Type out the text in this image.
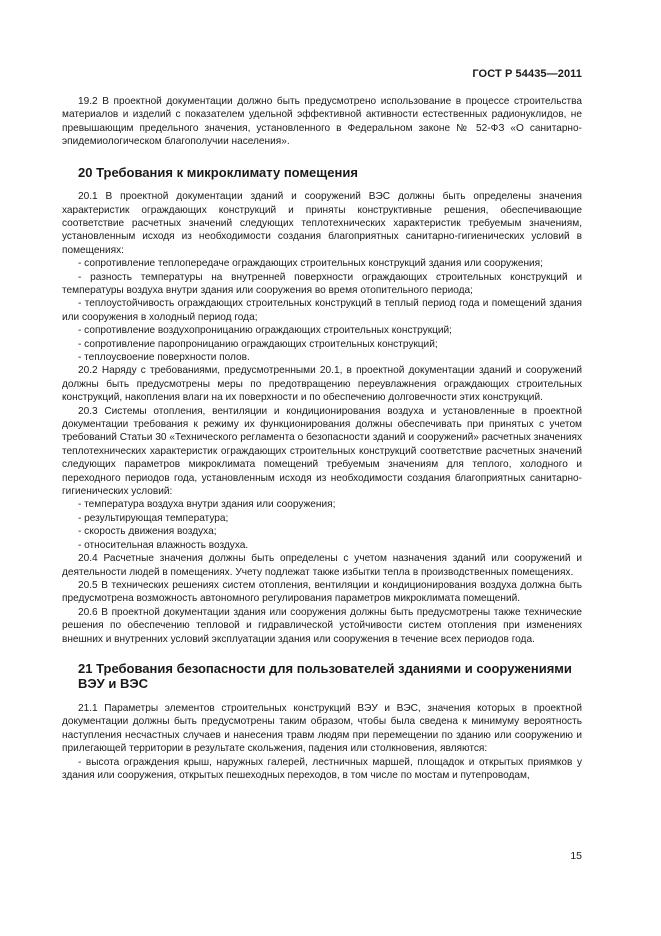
ГОСТ Р 54435—2011

19.2 В проектной документации должно быть предусмотрено использование в процессе строительства материалов и изделий с показателем удельной эффективной активности естественных радионуклидов, не превышающим предельного значения, установленного в Федеральном законе № 52-ФЗ «О санитарно-эпидемиологическом благополучии населения».

20 Требования к микроклимату помещения

20.1 В проектной документации зданий и сооружений ВЭС должны быть определены значения характеристик ограждающих конструкций и приняты конструктивные решения, обеспечивающие соответствие расчетных значений следующих теплотехнических характеристик требуемым значениям, установленным исходя из необходимости создания благоприятных санитарно-гигиенических условий в помещениях:

- сопротивление теплопередаче ограждающих строительных конструкций здания или сооружения;

- разность температуры на внутренней поверхности ограждающих строительных конструкций и температуры воздуха внутри здания или сооружения во время отопительного периода;

- теплоустойчивость ограждающих строительных конструкций в теплый период года и помещений здания или сооружения в холодный период года;

- сопротивление воздухопроницанию ограждающих строительных конструкций;

- сопротивление паропроницанию ограждающих строительных конструкций;

- теплоусвоение поверхности полов.

20.2 Наряду с требованиями, предусмотренными 20.1, в проектной документации зданий и сооружений должны быть предусмотрены меры по предотвращению переувлажнения ограждающих строительных конструкций, накопления влаги на их поверхности и по обеспечению долговечности этих конструкций.

20.3 Системы отопления, вентиляции и кондиционирования воздуха и установленные в проектной документации требования к режиму их функционирования должны обеспечивать при принятых с учетом требований Статьи 30 «Технического регламента о безопасности зданий и сооружений» расчетных значениях теплотехнических характеристик ограждающих строительных конструкций соответствие расчетных значений следующих параметров микроклимата помещений требуемым значениям для теплого, холодного и переходного периодов года, установленным исходя из необходимости создания благоприятных санитарно-гигиенических условий:

- температура воздуха внутри здания или сооружения;

- результирующая температура;

- скорость движения воздуха;

- относительная влажность воздуха.

20.4 Расчетные значения должны быть определены с учетом назначения зданий или сооружений и деятельности людей в помещениях. Учету подлежат также избытки тепла в производственных помещениях.

20.5 В технических решениях систем отопления, вентиляции и кондиционирования воздуха должна быть предусмотрена возможность автономного регулирования параметров микроклимата помещений.

20.6 В проектной документации здания или сооружения должны быть предусмотрены также технические решения по обеспечению тепловой и гидравлической устойчивости систем отопления при изменениях внешних и внутренних условий эксплуатации здания или сооружения в течение всех периодов года.

21 Требования безопасности для пользователей зданиями и сооружениями ВЭУ и ВЭС

21.1 Параметры элементов строительных конструкций ВЭУ и ВЭС, значения которых в проектной документации должны быть предусмотрены таким образом, чтобы была сведена к минимуму вероятность наступления несчастных случаев и нанесения травм людям при перемещении по зданию или сооружению и прилегающей территории в результате скольжения, падения или столкновения, являются:

- высота ограждения крыш, наружных галерей, лестничных маршей, площадок и открытых приямков у здания или сооружения, открытых пешеходных переходов, в том числе по мостам и путепроводам,

15
